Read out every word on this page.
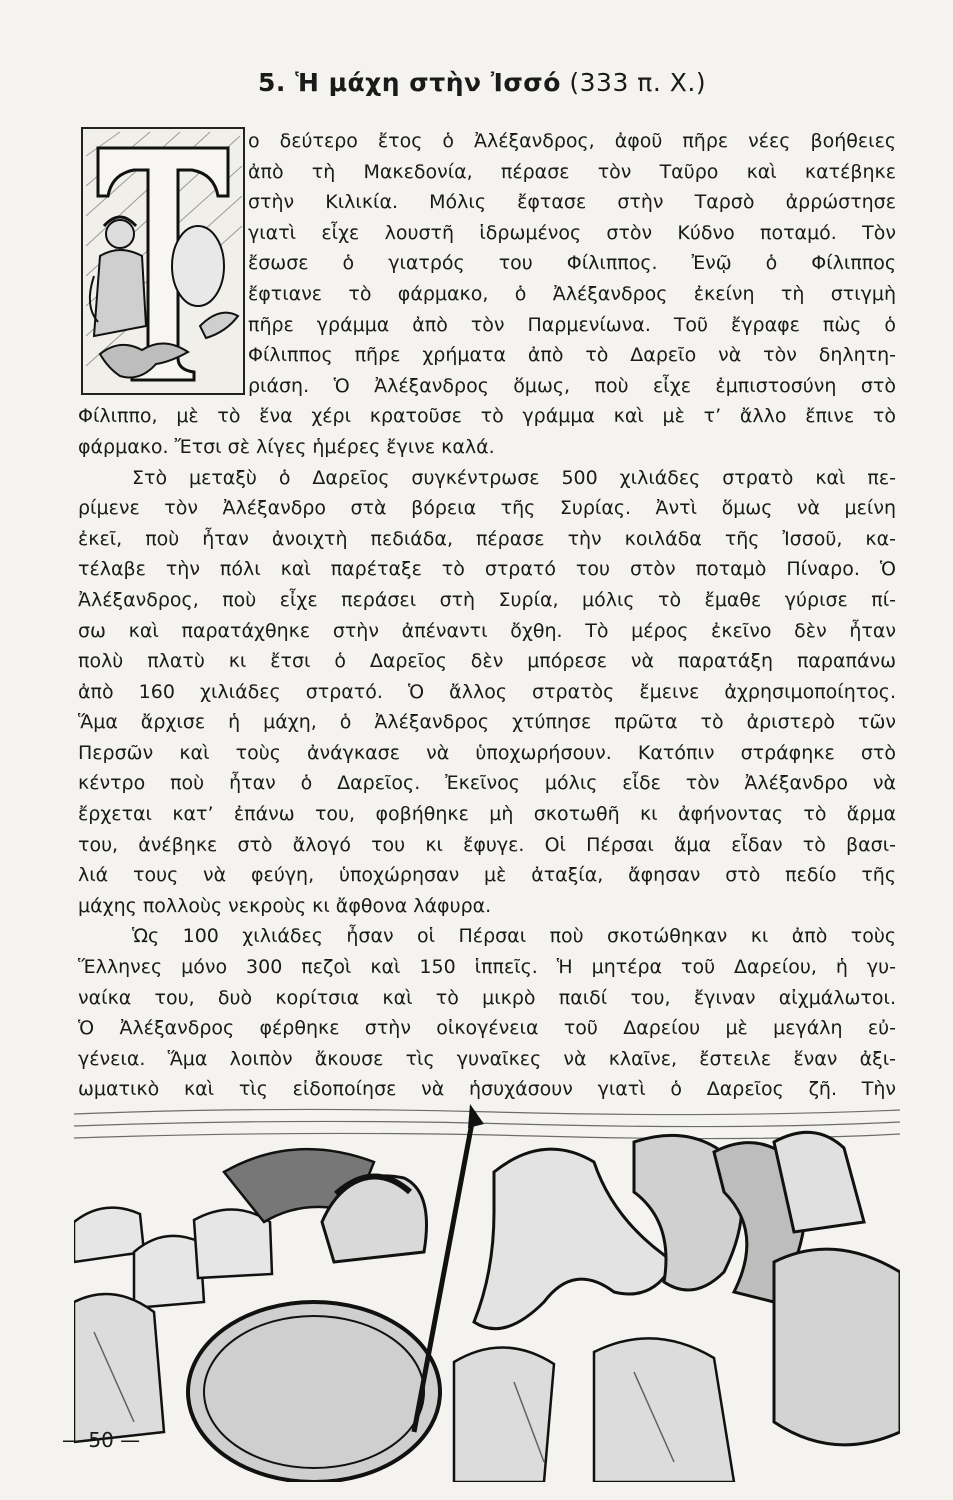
5. Ἡ μάχη στὴν Ἰσσό (333 π. Χ.)
ο δεύτερο ἔτος ὁ Ἀλέξανδρος, ἀφοῦ πῆρε νέες βοήθειες
ἀπὸ τὴ Μακεδονία, πέρασε τὸν Ταῦρο καὶ κατέβηκε
στὴν Κιλικία. Μόλις ἔφτασε στὴν Ταρσὸ ἀρρώστησε
γιατὶ εἶχε λουστῆ ἱδρωμένος στὸν Κύδνο ποταμό. Τὸν
ἔσωσε ὁ γιατρός του Φίλιππος. Ἐνῷ ὁ Φίλιππος
ἔφτιανε τὸ φάρμακο, ὁ Ἀλέξανδρος ἐκείνη τὴ στιγμὴ
πῆρε γράμμα ἀπὸ τὸν Παρμενίωνα. Τοῦ ἔγραφε πὼς ὁ
Φίλιππος πῆρε χρήματα ἀπὸ τὸ Δαρεῖο νὰ τὸν δηλητη-
ριάση. Ὁ Ἀλέξανδρος ὅμως, ποὺ εἶχε ἐμπιστοσύνη στὸ
Φίλιππο, μὲ τὸ ἕνα χέρι κρατοῦσε τὸ γράμμα καὶ μὲ τ’ ἄλλο ἔπινε τὸ
φάρμακο. Ἔτσι σὲ λίγες ἡμέρες ἔγινε καλά.
Στὸ μεταξὺ ὁ Δαρεῖος συγκέντρωσε 500 χιλιάδες στρατὸ καὶ πε-
ρίμενε τὸν Ἀλέξανδρο στὰ βόρεια τῆς Συρίας. Ἀντὶ ὅμως νὰ μείνη
ἐκεῖ, ποὺ ἦταν ἀνοιχτὴ πεδιάδα, πέρασε τὴν κοιλάδα τῆς Ἰσσοῦ, κα-
τέλαβε τὴν πόλι καὶ παρέταξε τὸ στρατό του στὸν ποταμὸ Πίναρο. Ὁ
Ἀλέξανδρος, ποὺ εἶχε περάσει στὴ Συρία, μόλις τὸ ἔμαθε γύρισε πί-
σω καὶ παρατάχθηκε στὴν ἀπέναντι ὄχθη. Τὸ μέρος ἐκεῖνο δὲν ἦταν
πολὺ πλατὺ κι ἔτσι ὁ Δαρεῖος δὲν μπόρεσε νὰ παρατάξη παραπάνω
ἀπὸ 160 χιλιάδες στρατό. Ὁ ἄλλος στρατὸς ἔμεινε ἀχρησιμοποίητος.
Ἅμα ἄρχισε ἡ μάχη, ὁ Ἀλέξανδρος χτύπησε πρῶτα τὸ ἀριστερὸ τῶν
Περσῶν καὶ τοὺς ἀνάγκασε νὰ ὑποχωρήσουν. Κατόπιν στράφηκε στὸ
κέντρο ποὺ ἦταν ὁ Δαρεῖος. Ἐκεῖνος μόλις εἶδε τὸν Ἀλέξανδρο νὰ
ἔρχεται κατ’ ἐπάνω του, φοβήθηκε μὴ σκοτωθῆ κι ἀφήνοντας τὸ ἅρμα
του, ἀνέβηκε στὸ ἄλογό του κι ἔφυγε. Οἱ Πέρσαι ἅμα εἶδαν τὸ βασι-
λιά τους νὰ φεύγη, ὑποχώρησαν μὲ ἀταξία, ἄφησαν στὸ πεδίο τῆς
μάχης πολλοὺς νεκροὺς κι ἄφθονα λάφυρα.
Ὡς 100 χιλιάδες ἦσαν οἱ Πέρσαι ποὺ σκοτώθηκαν κι ἀπὸ τοὺς
Ἕλληνες μόνο 300 πεζοὶ καὶ 150 ἱππεῖς. Ἡ μητέρα τοῦ Δαρείου, ἡ γυ-
ναίκα του, δυὸ κορίτσια καὶ τὸ μικρὸ παιδί του, ἔγιναν αἰχμάλωτοι.
Ὁ Ἀλέξανδρος φέρθηκε στὴν οἰκογένεια τοῦ Δαρείου μὲ μεγάλη εὐ-
γένεια. Ἅμα λοιπὸν ἄκουσε τὶς γυναῖκες νὰ κλαῖνε, ἔστειλε ἕναν ἀξι-
ωματικὸ καὶ τὶς εἰδοποίησε νὰ ἡσυχάσουν γιατὶ ὁ Δαρεῖος ζῆ. Τὴν
— 50 —
